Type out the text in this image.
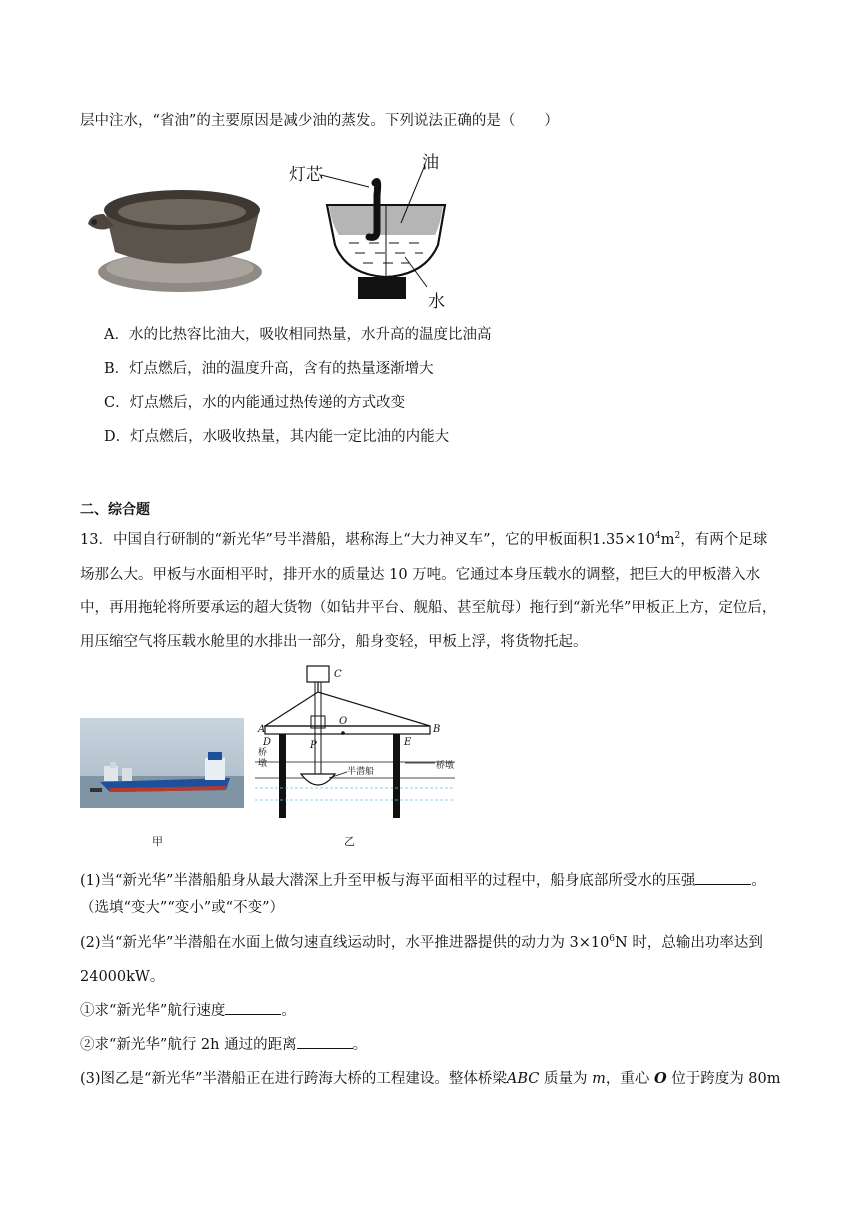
层中注水，“省油”的主要原因是减少油的蒸发。下列说法正确的是（　　）
灯芯
油
水
A．水的比热容比油大，吸收相同热量，水升高的温度比油高
B．灯点燃后，油的温度升高，含有的热量逐渐增大
C．灯点燃后，水的内能通过热传递的方式改变
D．灯点燃后，水吸收热量，其内能一定比油的内能大
二、综合题
13．中国自行研制的“新光华”号半潜船，堪称海上“大力神叉车”，它的甲板面积$1.35\times 10^4m^2$，有两个足球
场那么大。甲板与水面相平时，排开水的质量达 10 万吨。它通过本身压载水的调整，把巨大的甲板潜入水
中，再用拖轮将所要承运的超大货物（如钻井平台、舰船、甚至航母）拖行到“新光华”甲板正上方，定位后，
用压缩空气将压载水舱里的水排出一部分，船身变轻，甲板上浮，将货物托起。
C
A	B
O
D	E
P
桥墩	桥墩
半潜船
甲	乙
(1)当“新光华”半潜船船身从最大潜深上升至甲板与海平面相平的过程中，船身底部所受水的压强	。
（选填“变大”“变小”或“不变”）
(2)当“新光华”半潜船在水面上做匀速直线运动时，水平推进器提供的动力为 $3\times 10^6N$ 时，总输出功率达到
24000kW。
①求“新光华”航行速度	。
②求“新光华”航行 2h 通过的距离	。
(3)图乙是“新光华”半潜船正在进行跨海大桥的工程建设。整体桥梁ABC 质量为 m，重心 O 位于跨度为 80m
